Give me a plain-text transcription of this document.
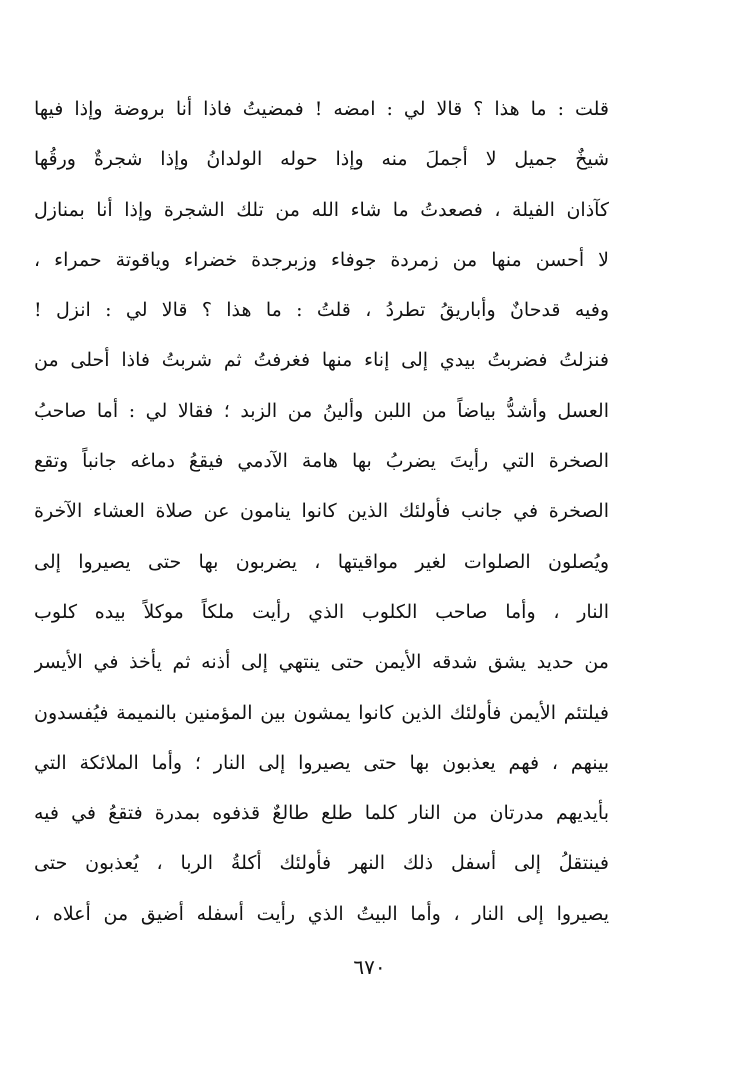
قلت : ما هذا ؟ قالا لي : امضه ! فمضيتُ فاذا أنا بروضة وإذا فيها
شيخٌ جميل لا أجملَ منه وإذا حوله الولدانُ وإذا شجرةٌ ورقُها
كآذان الفيلة ، فصعدتُ ما شاء الله من تلك الشجرة وإذا أنا بمنازل
لا أحسن منها من زمردة جوفاء وزبرجدة خضراء وياقوتة حمراء ،
وفيه قدحانٌ وأباريقُ تطردُ ، قلتُ : ما هذا ؟ قالا لي : انزل !
فنزلتُ فضربتُ بيدي إلى إناء منها فغرفتُ ثم شربتُ فاذا أحلى من
العسل وأشدُّ بياضاً من اللبن وألينُ من الزبد ؛ فقالا لي : أما صاحبُ
الصخرة التي رأيتَ يضربُ بها هامة الآدمي فيقعُ دماغه جانباً وتقع
الصخرة في جانب فأولئك الذين كانوا ينامون عن صلاة العشاء الآخرة
ويُصلون الصلوات لغير مواقيتها ، يضربون بها حتى يصيروا إلى
النار ، وأما صاحب الكلوب الذي رأيت ملكاً موكلاً بيده كلوب
من حديد يشق شدقه الأيمن حتى ينتهي إلى أذنه ثم يأخذ في الأيسر
فيلتئم الأيمن فأولئك الذين كانوا يمشون بين المؤمنين بالنميمة فيُفسدون
بينهم ، فهم يعذبون بها حتى يصيروا إلى النار ؛ وأما الملائكة التي
بأيديهم مدرتان من النار كلما طلع طالعٌ قذفوه بمدرة فتقعُ في فيه
فينتقلُ إلى أسفل ذلك النهر فأولئك أكلةُ الربا ، يُعذبون حتى
يصيروا إلى النار ، وأما البيتُ الذي رأيت أسفله أضيق من أعلاه ،
٦٧٠
